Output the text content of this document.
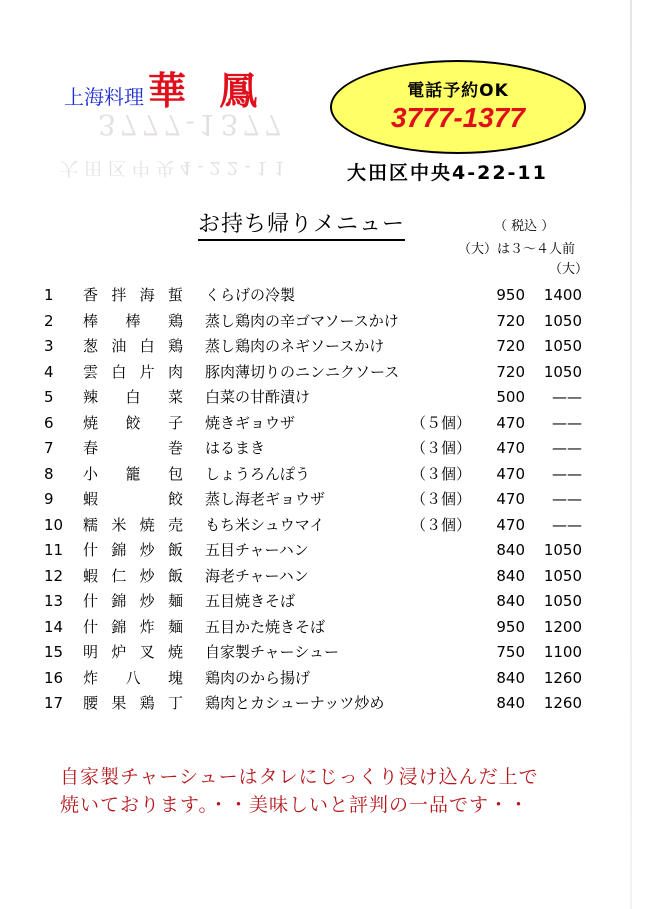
3777-1377
大田区中央4-22-11
上海料理 華 鳳	電話予約OK
3777-1377
大田区中央4-22-11
お持ち帰りメニュー	（ 税込 ）
（大）は３～４人前
（大）
1	香拌海蜇 くらげの冷製	950	1400
2	棒棒鶏 蒸し鶏肉の辛ゴマソースかけ	720	1050
3	葱油白鶏 蒸し鶏肉のネギソースかけ	720	1050
4	雲白片肉 豚肉薄切りのニンニクソース	720	1050
5	辣白菜 白菜の甘酢漬け	500	——
6	焼餃子 焼きギョウザ	（５個）	470	——
7	春巻 はるまき	（３個）	470	——
8	小籠包 しょうろんぽう	（３個）	470	——
9	蝦餃 蒸し海老ギョウザ	（３個）	470	——
10	糯米焼売 もち米シュウマイ	（３個）	470	——
11	什錦炒飯 五目チャーハン	840	1050
12	蝦仁炒飯 海老チャーハン	840	1050
13	什錦炒麺 五目焼きそば	840	1050
14	什錦炸麺 五目かた焼きそば	950	1200
15	明炉叉焼 自家製チャーシュー	750	1100
16	炸八塊 鶏肉のから揚げ	840	1260
17	腰果鶏丁 鶏肉とカシューナッツ炒め	840	1260
自家製チャーシューはタレにじっくり浸け込んだ上で
焼いております。・・美味しいと評判の一品です・・
